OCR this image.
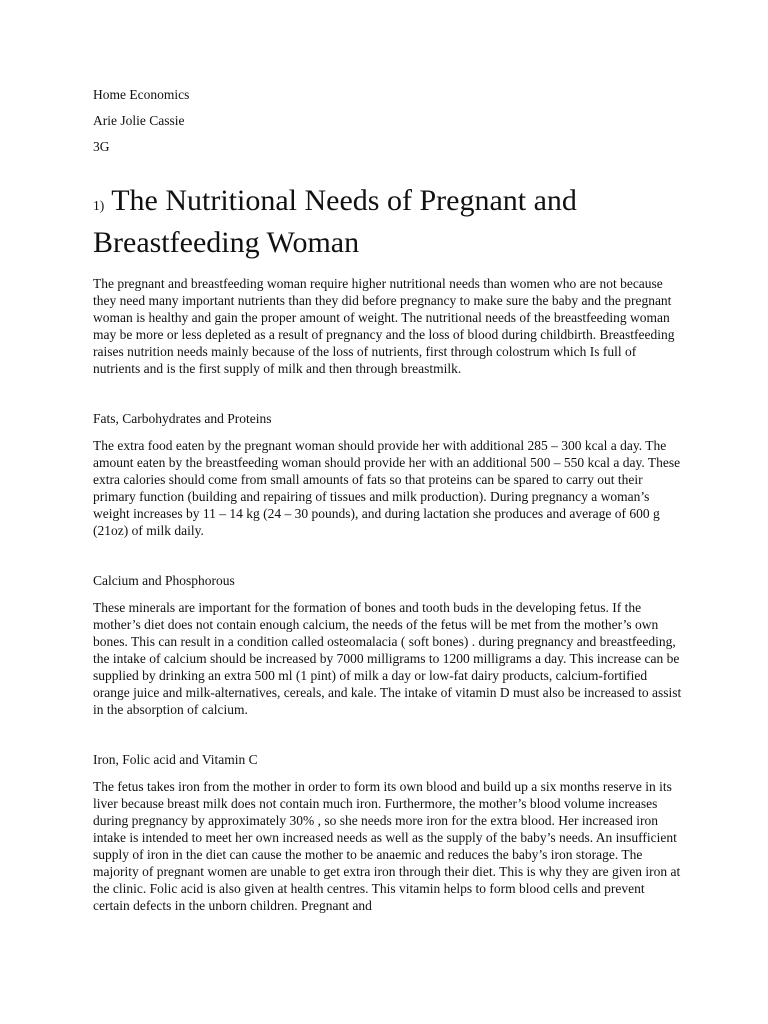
Home Economics

Arie Jolie Cassie

3G

1) The Nutritional Needs of Pregnant and Breastfeeding Woman

The pregnant and breastfeeding woman require higher nutritional needs than women who are not because they need many important nutrients than they did before pregnancy to make sure the baby and the pregnant woman is healthy and gain the proper amount of weight. The nutritional needs of the breastfeeding woman may be more or less depleted as a result of pregnancy and the loss of blood during childbirth. Breastfeeding raises nutrition needs mainly because of the loss of nutrients, first through colostrum which Is full of nutrients and is the first supply of milk and then through breastmilk.

Fats, Carbohydrates and Proteins

The extra food eaten by the pregnant woman should provide her with additional 285 – 300 kcal a day. The amount eaten by the breastfeeding woman should provide her with an additional 500 – 550 kcal a day. These extra calories should come from small amounts of fats so that proteins can be spared to carry out their primary function (building and repairing of tissues and milk production). During pregnancy a woman’s weight increases by 11 – 14 kg (24 – 30 pounds), and during lactation she produces and average of 600 g (21oz) of milk daily.

Calcium and Phosphorous

These minerals are important for the formation of bones and tooth buds in the developing fetus. If the mother’s diet does not contain enough calcium, the needs of the fetus will be met from the mother’s own bones. This can result in a condition called osteomalacia ( soft bones) . during pregnancy and breastfeeding, the intake of calcium should be increased by 7000 milligrams to 1200 milligrams a day. This increase can be supplied by drinking an extra 500 ml (1 pint) of milk a day or low-fat dairy products, calcium-fortified orange juice and milk-alternatives, cereals, and kale. The intake of vitamin D must also be increased to assist in the absorption of calcium.

Iron, Folic acid and Vitamin C

The fetus takes iron from the mother in order to form its own blood and build up a six months reserve in its liver because breast milk does not contain much iron. Furthermore, the mother’s blood volume increases during pregnancy by approximately 30% , so she needs more iron for the extra blood. Her increased iron intake is intended to meet her own increased needs as well as the supply of the baby’s needs. An insufficient supply of iron in the diet can cause the mother to be anaemic and reduces the baby’s iron storage. The majority of pregnant women are unable to get extra iron through their diet. This is why they are given iron at the clinic. Folic acid is also given at health centres. This vitamin helps to form blood cells and prevent certain defects in the unborn children. Pregnant and
